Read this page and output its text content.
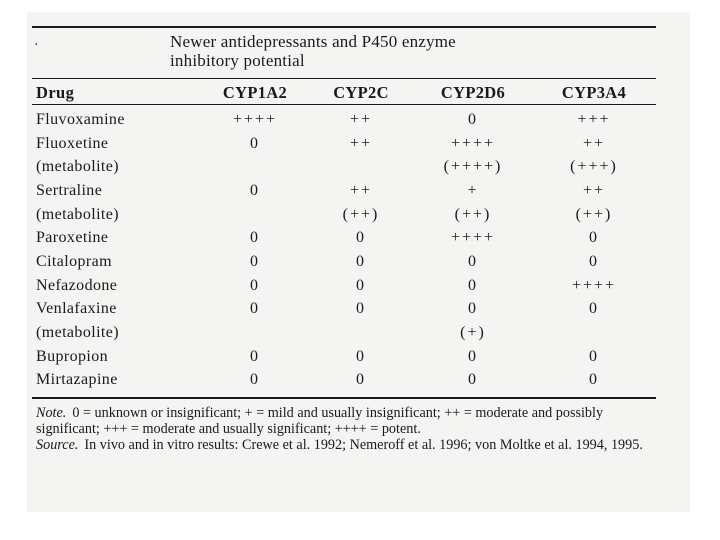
·	Newer antidepressants and P450 enzyme
inhibitory potential
Drug	CYP1A2	CYP2C	CYP2D6	CYP3A4

Fluvoxamine	++++	++	0	+++
Fluoxetine	0	++	++++	++
(metabolite)			(++++)	(+++)
Sertraline	0	++	+	++
(metabolite)		(++)	(++)	(++)
Paroxetine	0	0	++++	0
Citalopram	0	0	0	0
Nefazodone	0	0	0	++++
Venlafaxine	0	0	0	0
(metabolite)			(+)	
Bupropion	0	0	0	0
Mirtazapine	0	0	0	0

Note. 0 = unknown or insignificant; + = mild and usually insignificant; ++ = moderate and possibly significant; +++ = moderate and usually significant; ++++ = potent.

Source. In vivo and in vitro results: Crewe et al. 1992; Nemeroff et al. 1996; von Moltke et al. 1994, 1995.
